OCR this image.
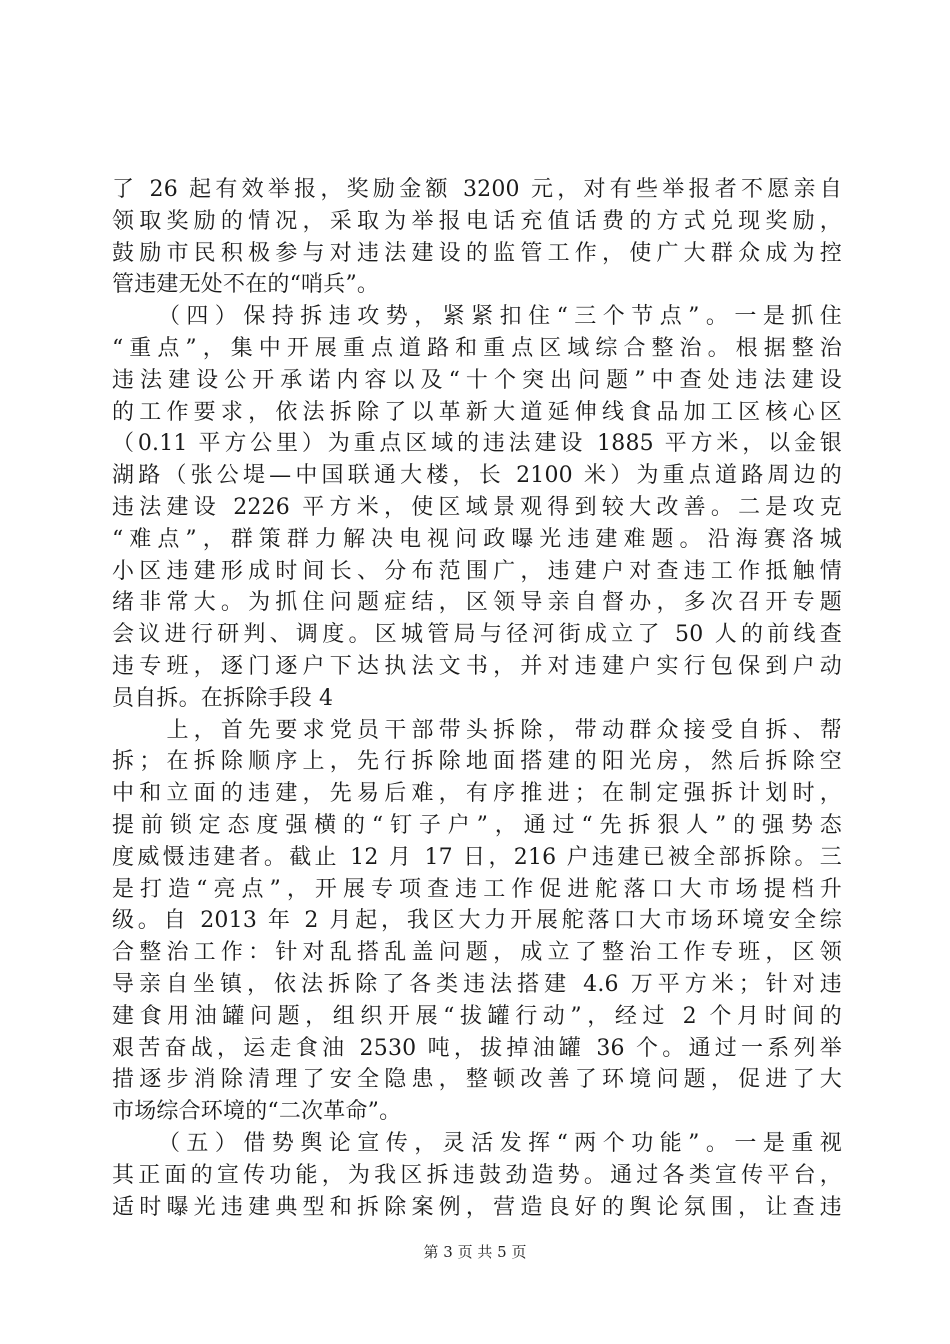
了 26 起有效举报，奖励金额 3200 元，对有些举报者不愿亲自
领取奖励的情况，采取为举报电话充值话费的方式兑现奖励，
鼓励市民积极参与对违法建设的监管工作，使广大群众成为控
管违建无处不在的“哨兵”。
　　（四）保持拆违攻势，紧紧扣住“三个节点”。一是抓住
“重点”，集中开展重点道路和重点区域综合整治。根据整治
违法建设公开承诺内容以及“十个突出问题”中查处违法建设
的工作要求，依法拆除了以革新大道延伸线食品加工区核心区
（0.11 平方公里）为重点区域的违法建设 1885 平方米，以金银
湖路（张公堤—中国联通大楼，长 2100 米）为重点道路周边的
违法建设 2226 平方米，使区域景观得到较大改善。二是攻克
“难点”，群策群力解决电视问政曝光违建难题。沿海赛洛城
小区违建形成时间长、分布范围广，违建户对查违工作抵触情
绪非常大。为抓住问题症结，区领导亲自督办，多次召开专题
会议进行研判、调度。区城管局与径河街成立了 50 人的前线查
违专班，逐门逐户下达执法文书，并对违建户实行包保到户动
员自拆。在拆除手段 4
　　上，首先要求党员干部带头拆除，带动群众接受自拆、帮
拆；在拆除顺序上，先行拆除地面搭建的阳光房，然后拆除空
中和立面的违建，先易后难，有序推进；在制定强拆计划时，
提前锁定态度强横的“钉子户”，通过“先拆狠人”的强势态
度威慑违建者。截止 12 月 17 日，216 户违建已被全部拆除。三
是打造“亮点”，开展专项查违工作促进舵落口大市场提档升
级。自 2013 年 2 月起，我区大力开展舵落口大市场环境安全综
合整治工作：针对乱搭乱盖问题，成立了整治工作专班，区领
导亲自坐镇，依法拆除了各类违法搭建 4.6 万平方米；针对违
建食用油罐问题，组织开展“拔罐行动”，经过 2 个月时间的
艰苦奋战，运走食油 2530 吨，拔掉油罐 36 个。通过一系列举
措逐步消除清理了安全隐患，整顿改善了环境问题，促进了大
市场综合环境的“二次革命”。
　　（五）借势舆论宣传，灵活发挥“两个功能”。一是重视
其正面的宣传功能，为我区拆违鼓劲造势。通过各类宣传平台，
适时曝光违建典型和拆除案例，营造良好的舆论氛围，让查违
第 3 页 共 5 页
